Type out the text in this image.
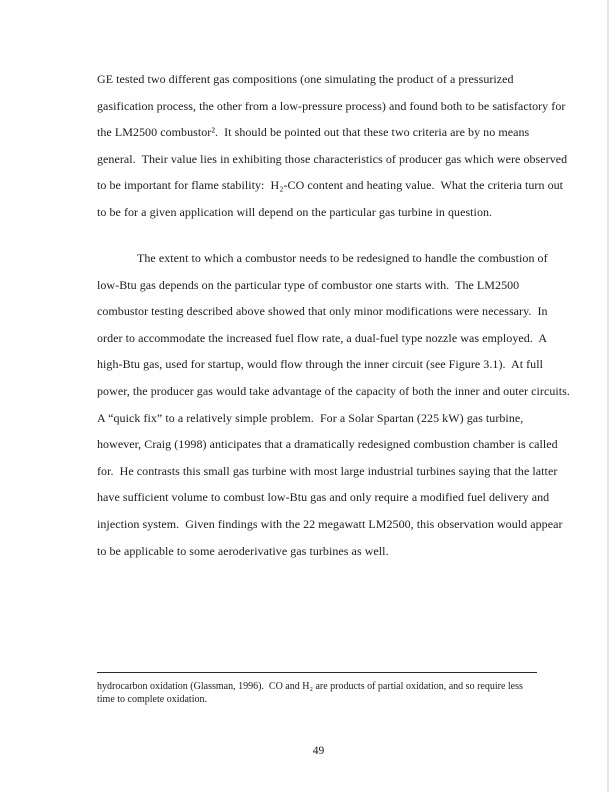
GE tested two different gas compositions (one simulating the product of a pressurized
gasification process, the other from a low-pressure process) and found both to be satisfactory for
the LM2500 combustor².  It should be pointed out that these two criteria are by no means
general.  Their value lies in exhibiting those characteristics of producer gas which were observed
to be important for flame stability:  H₂-CO content and heating value.  What the criteria turn out
to be for a given application will depend on the particular gas turbine in question.
The extent to which a combustor needs to be redesigned to handle the combustion of
low-Btu gas depends on the particular type of combustor one starts with.  The LM2500
combustor testing described above showed that only minor modifications were necessary.  In
order to accommodate the increased fuel flow rate, a dual-fuel type nozzle was employed.  A
high-Btu gas, used for startup, would flow through the inner circuit (see Figure 3.1).  At full
power, the producer gas would take advantage of the capacity of both the inner and outer circuits.
A “quick fix” to a relatively simple problem.  For a Solar Spartan (225 kW) gas turbine,
however, Craig (1998) anticipates that a dramatically redesigned combustion chamber is called
for.  He contrasts this small gas turbine with most large industrial turbines saying that the latter
have sufficient volume to combust low-Btu gas and only require a modified fuel delivery and
injection system.  Given findings with the 22 megawatt LM2500, this observation would appear
to be applicable to some aeroderivative gas turbines as well.
hydrocarbon oxidation (Glassman, 1996).  CO and H₂ are products of partial oxidation, and so require less
time to complete oxidation.
49
